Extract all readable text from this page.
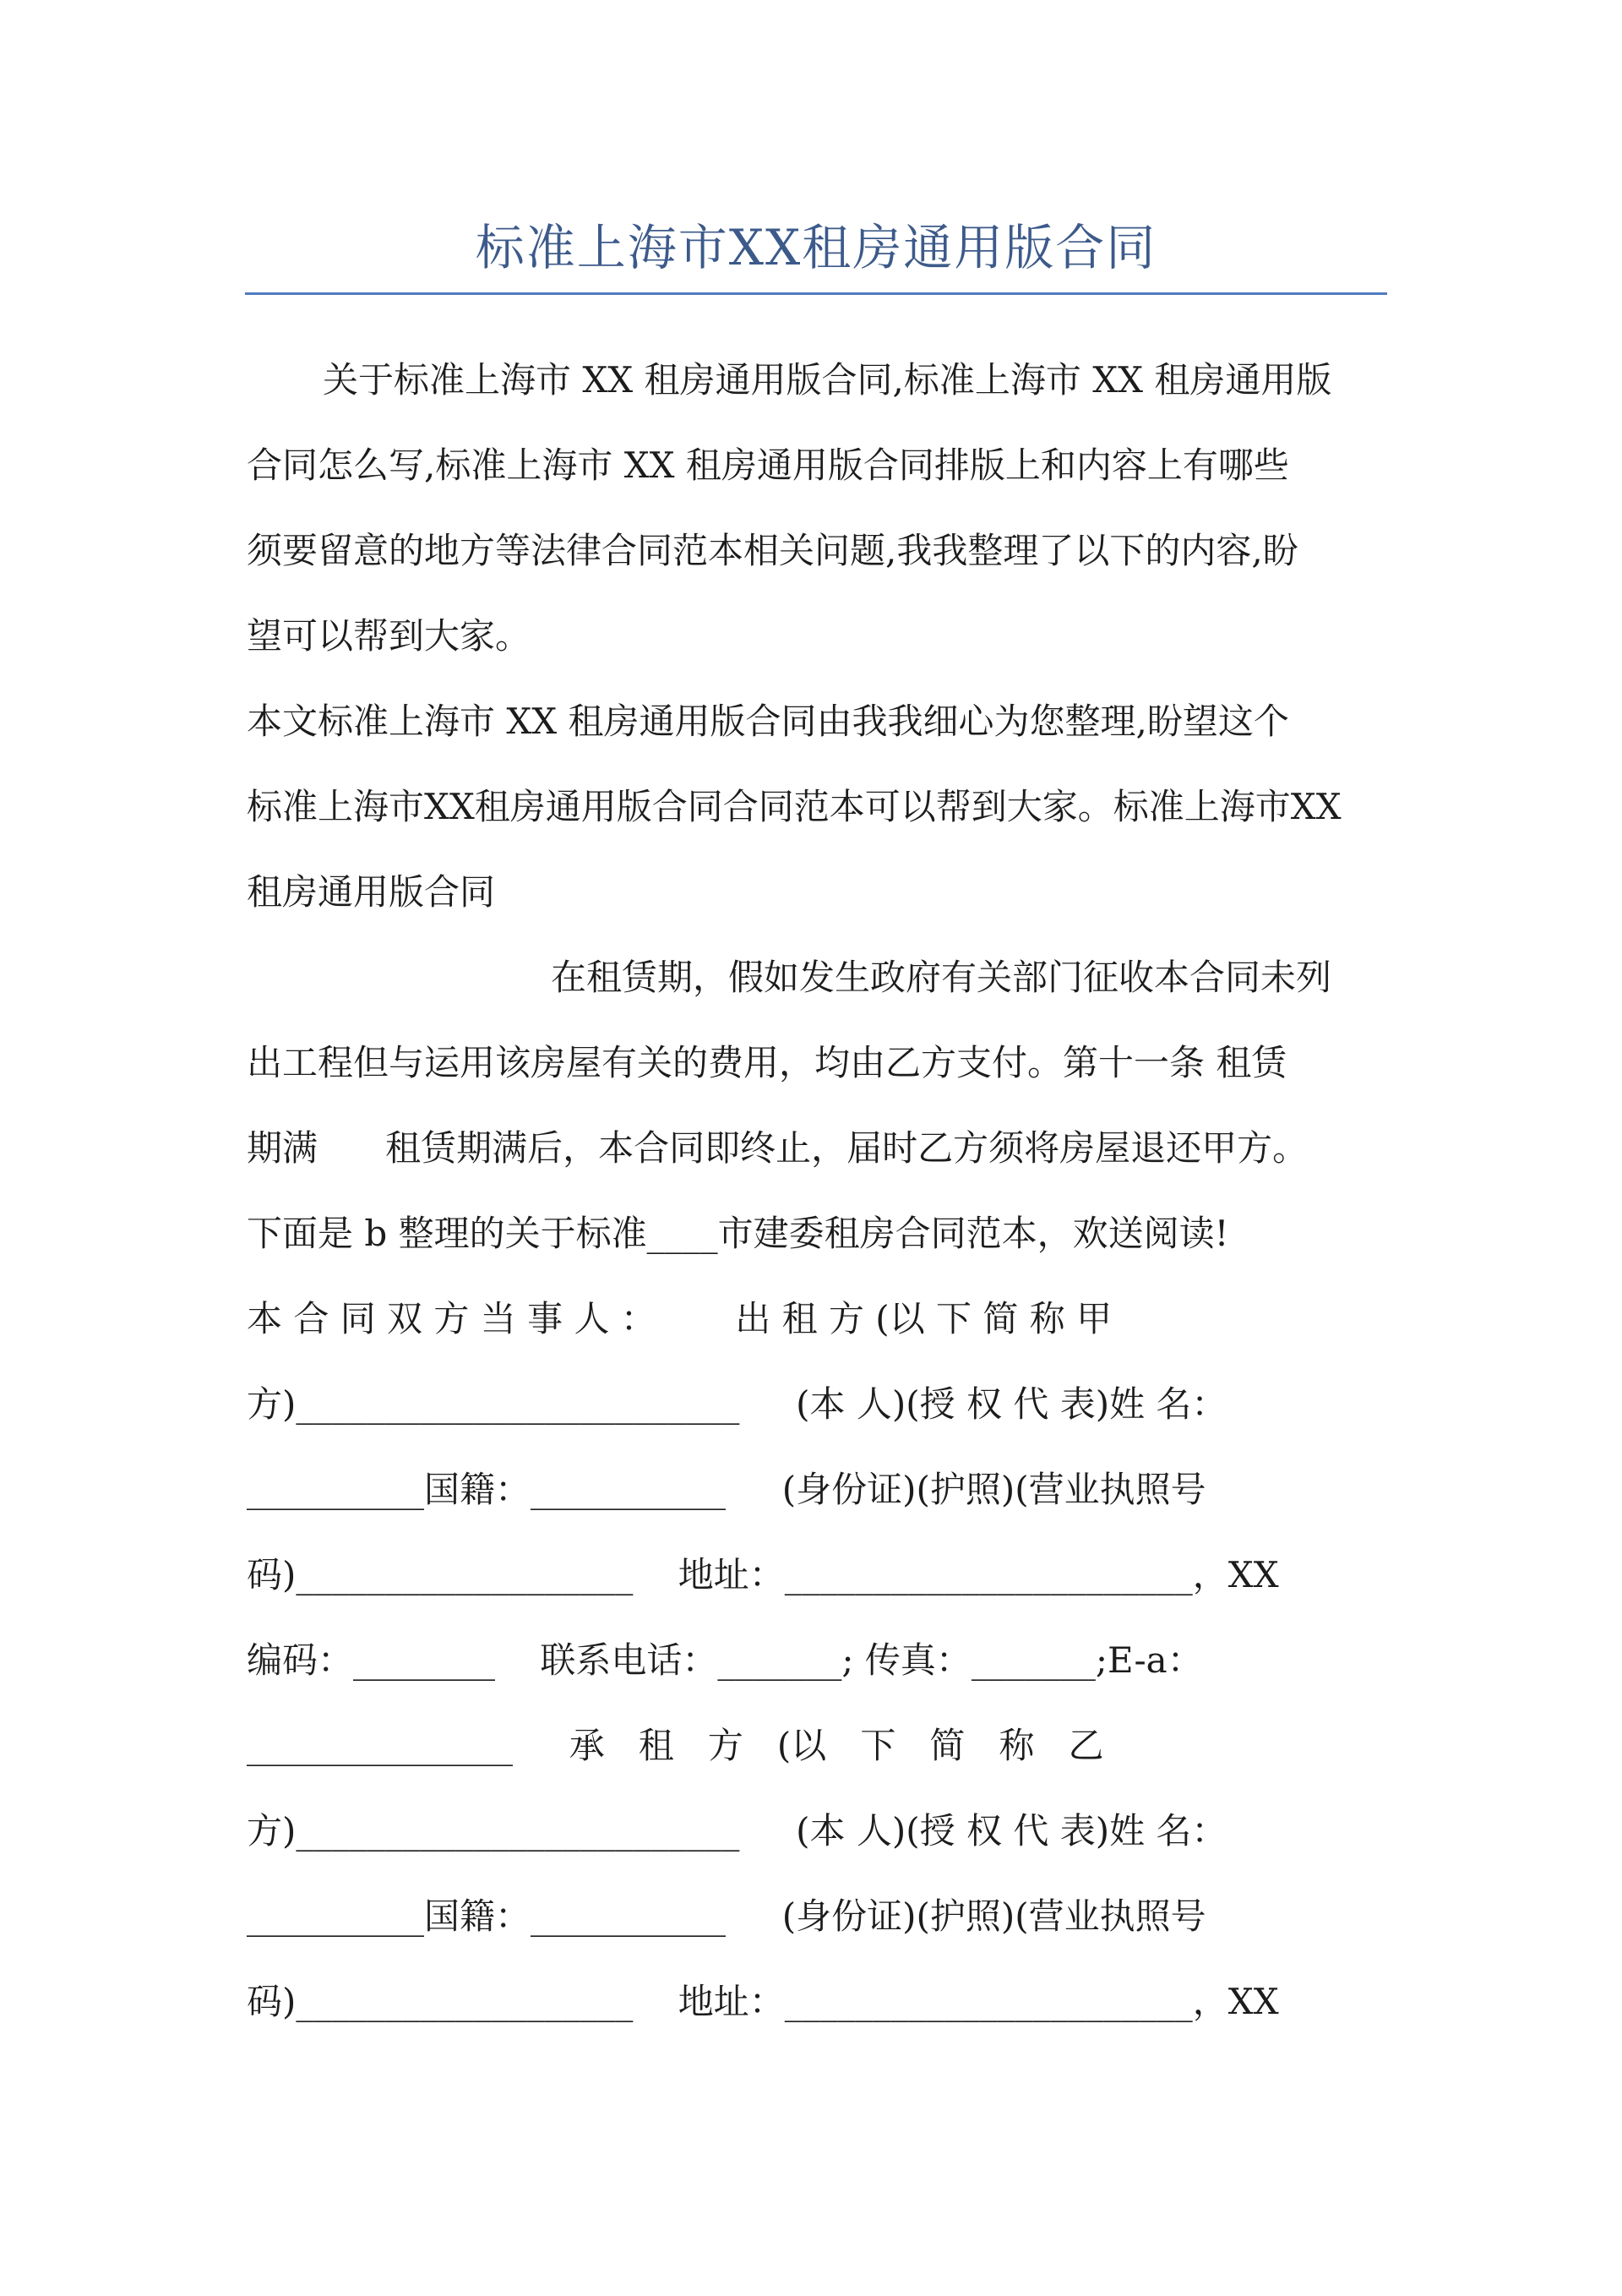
标准上海市XX租房通用版合同
关于标准上海市 XX 租房通用版合同,标准上海市 XX 租房通用版
合同怎么写,标准上海市 XX 租房通用版合同排版上和内容上有哪些
须要留意的地方等法律合同范本相关问题,我我整理了以下的内容,盼
望可以帮到大家。
本文标准上海市 XX 租房通用版合同由我我细心为您整理,盼望这个
标准上海市XX租房通用版合同合同范本可以帮到大家。标准上海市XX
租房通用版合同
在租赁期，假如发生政府有关部门征收本合同未列
出工程但与运用该房屋有关的费用，均由乙方支付。第十一条 租赁
期满      租赁期满后，本合同即终止，届时乙方须将房屋退还甲方。
下面是 b 整理的关于标准____市建委租房合同范本，欢送阅读!
本 合 同 双 方 当 事 人 ：       出 租 方 (以 下 简 称 甲
方)_________________________     (本 人)(授 权 代 表)姓 名：
__________国籍：___________     (身份证)(护照)(营业执照号
码)___________________    地址：_______________________，XX
编码：________    联系电话：_______; 传真：_______;E-a：
_______________     承   租   方   (以   下   简   称   乙
方)_________________________     (本 人)(授 权 代 表)姓 名：
__________国籍：___________     (身份证)(护照)(营业执照号
码)___________________    地址：_______________________，XX
